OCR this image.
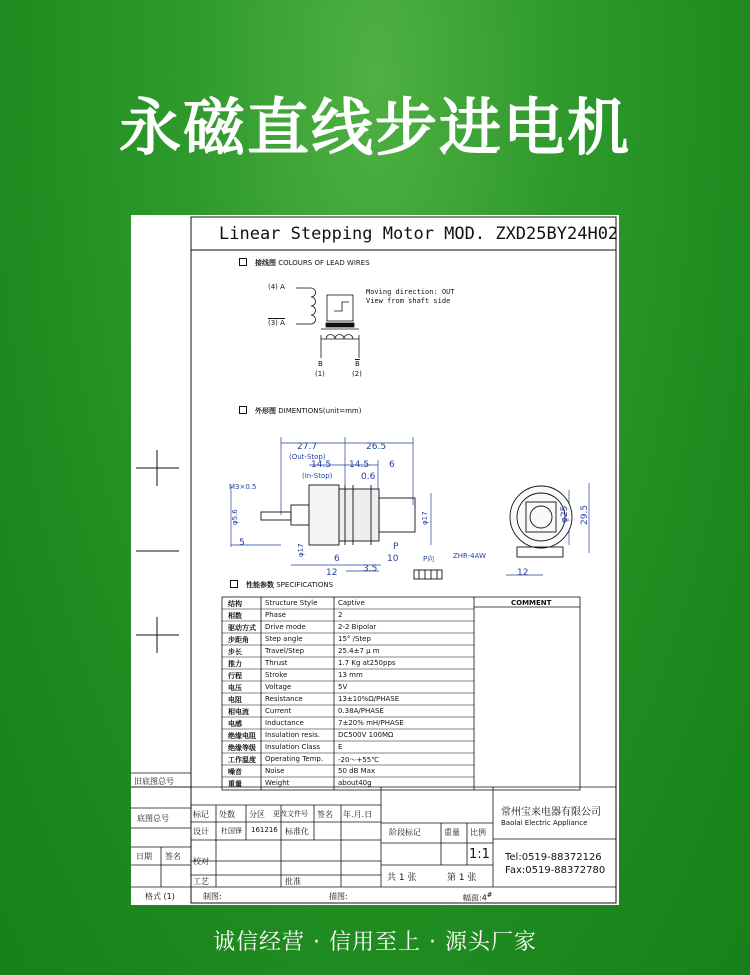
永磁直线步进电机
Linear Stepping Motor MOD. ZXD25BY24H02
接线图 COLOURS OF LEAD WIRES
(4) A
(3) A
B	$\overline{B}$
(1)	(2)
Moving direction: OUT
View from shaft side
外形图 DIMENTIONS(unit=mm)
27.7
(Out-Stop)
26.5
14.5 14.5 6
(In-Stop)	0.6
M3×0.5
φ5.6
5
φ17
φ17
12
6	10
3.5
P
P向	ZHR-4AW
φ25 29.5
12
性能参数 SPECIFICATIONS
COMMENT
结构	Structure Style	Captive
相数	Phase	2
驱动方式 Drive mode	2-2 Bipolar
步距角 Step angle	15° /Step
步长	Travel/Step	25.4±7 μ m
推力	Thrust	1.7 Kg at250pps
行程	Stroke	13 mm
电压	Voltage	5V
电阻	Resistance	13±10%Ω/PHASE
相电流 Current	0.38A/PHASE
电感	Inductance	7±20% mH/PHASE
绝缘电阻 Insulation resis.	DC500V 100MΩ
绝缘等级 Insulation Class	E
工作温度 Operating Temp. -20～+55℃
噪音	Noise	50 dB Max
重量	Weight	about40g
旧底图总号
底图总号
日期 签名
标记 处数 分区 更改文件号 签名 年.月.日
设计 杜国锋 161216 标准化
校对
工艺	批准
阶段标记	重量 比例
1:1
共 1 张	第 1 张
常州宝来电器有限公司
Baolai Electric Appliance
Tel:0519-88372126
Fax:0519-88372780
格式 (1)	制图:	描图:	幅面:4#
诚信经营 · 信用至上 · 源头厂家
